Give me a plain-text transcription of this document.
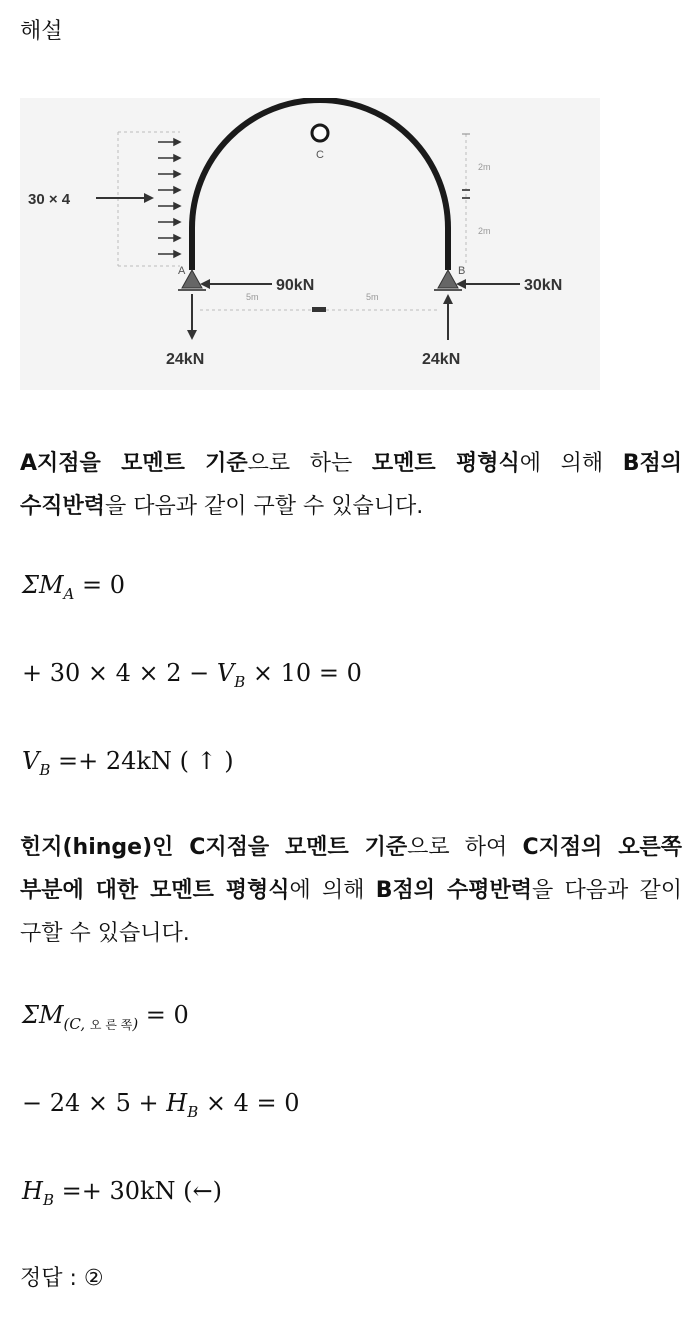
해설
30 × 4
C
A	B
90kN	30kN
24kN	24kN
5m	5m
2m
2m
A지점을 모멘트 기준으로 하는 모멘트 평형식에 의해 B점의 수직반력을 다음과 같이 구할 수 있습니다.
$\Sigma M_A = 0$
+ $30 \times 4 \times 2 - V_B \times 10 = 0$
$V_B =+ 24kN$ ( ↑ )
힌지(hinge)인 C지점을 모멘트 기준으로 하여 C지점의 오른쪽 부분에 대한 모멘트 평형식에 의해 B점의 수평반력을 다음과 같이 구할 수 있습니다.
$\Sigma M_{(C, 오 른 쪽)} = 0$
− $24 \times 5 + H_B \times 4 = 0$
$H_B =+ 30kN$ (←)
정답 : ②
